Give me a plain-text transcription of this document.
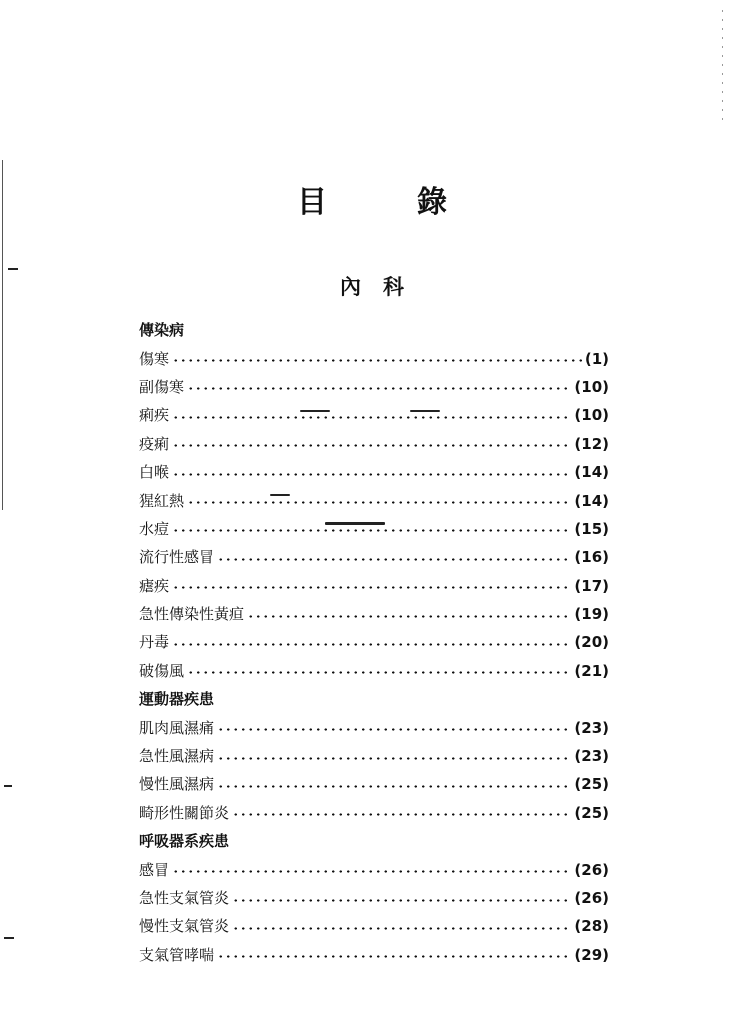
目	錄
內 科
傳染病
傷寒	(1)
副傷寒	(10)
痢疾	(10)
疫痢	(12)
白喉	(14)
猩紅熱	(14)
水痘	(15)
流行性感冒	(16)
瘧疾	(17)
急性傳染性黃疸	(19)
丹毒	(20)
破傷風	(21)
運動器疾患
肌肉風濕痛	(23)
急性風濕病	(23)
慢性風濕病	(25)
畸形性關節炎	(25)
呼吸器系疾患
感冒	(26)
急性支氣管炎	(26)
慢性支氣管炎	(28)
支氣管哮喘	(29)
